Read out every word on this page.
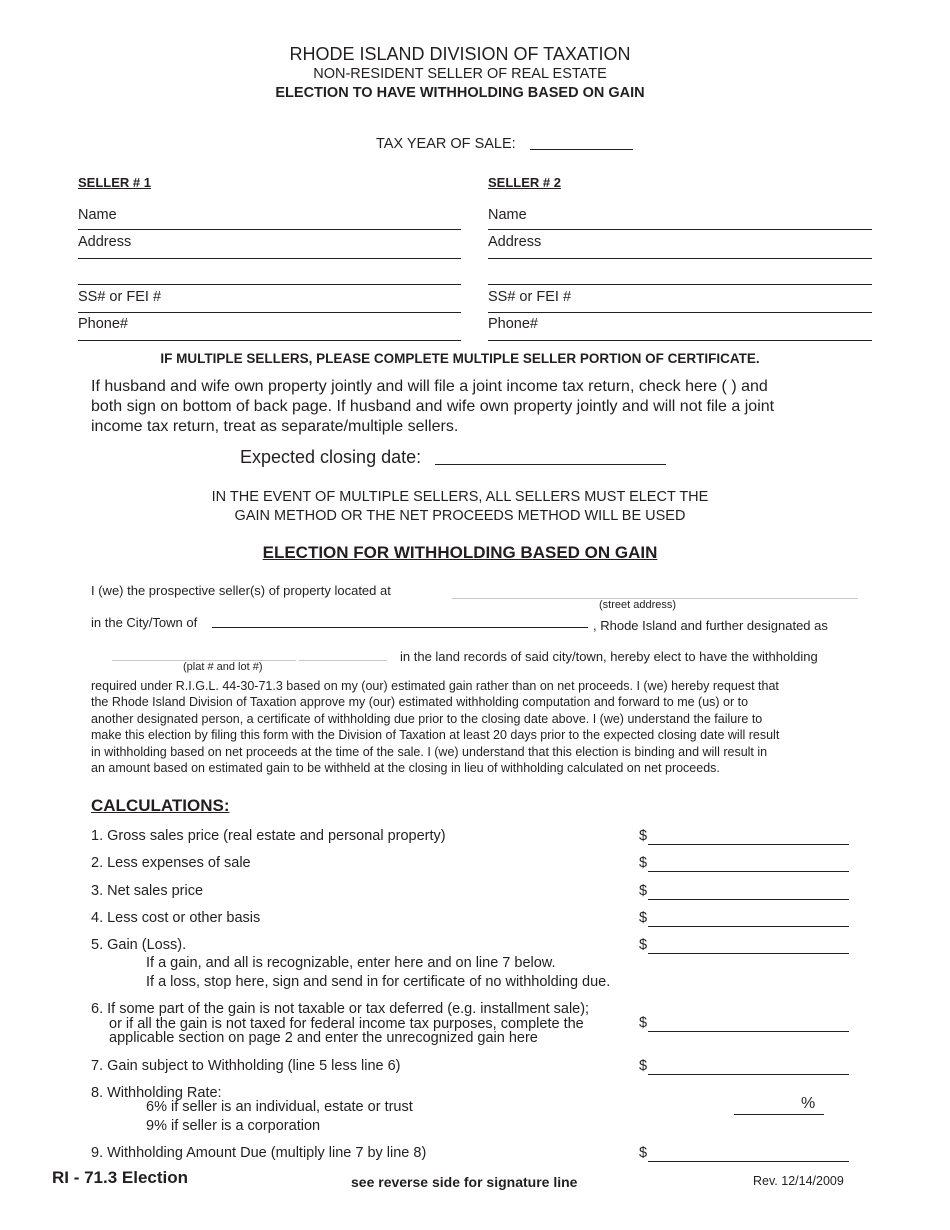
RHODE ISLAND DIVISION OF TAXATION
NON-RESIDENT SELLER OF REAL ESTATE
ELECTION TO HAVE WITHHOLDING BASED ON GAIN
TAX YEAR OF SALE:
SELLER # 1
Name
Address
SS# or FEI #
Phone#
SELLER # 2
Name
Address
SS# or FEI #
Phone#
IF MULTIPLE SELLERS, PLEASE COMPLETE MULTIPLE SELLER PORTION OF CERTIFICATE.
If husband and wife own property jointly and will file a joint income tax return, check here ( ) and
both sign on bottom of back page. If husband and wife own property jointly and will not file a joint
income tax return, treat as separate/multiple sellers.
Expected closing date:
IN THE EVENT OF MULTIPLE SELLERS, ALL SELLERS MUST ELECT THE
GAIN METHOD OR THE NET PROCEEDS METHOD WILL BE USED
ELECTION FOR WITHHOLDING BASED ON GAIN
I (we) the prospective seller(s) of property located at
(street address)
in the City/Town of	, Rhode Island and further designated as
(plat # and lot #)
in the land records of said city/town, hereby elect to have the withholding
required under R.I.G.L. 44-30-71.3 based on my (our) estimated gain rather than on net proceeds. I (we) hereby request that
the Rhode Island Division of Taxation approve my (our) estimated withholding computation and forward to me (us) or to
another designated person, a certificate of withholding due prior to the closing date above. I (we) understand the failure to
make this election by filing this form with the Division of Taxation at least 20 days prior to the expected closing date will result
in withholding based on net proceeds at the time of the sale. I (we) understand that this election is binding and will result in
an amount based on estimated gain to be withheld at the closing in lieu of withholding calculated on net proceeds.
CALCULATIONS:
1. Gross sales price (real estate and personal property)	$
2. Less expenses of sale	$
3. Net sales price	$
4. Less cost or other basis	$
5. Gain (Loss).	$
If a gain, and all is recognizable, enter here and on line 7 below.
If a loss, stop here, sign and send in for certificate of no withholding due.
6. If some part of the gain is not taxable or tax deferred (e.g. installment sale);
or if all the gain is not taxed for federal income tax purposes, complete the
applicable section on page 2 and enter the unrecognized gain here
$
7. Gain subject to Withholding (line 5 less line 6)	$
8. Withholding Rate:
6% if seller is an individual, estate or trust
9% if seller is a corporation
%
9. Withholding Amount Due (multiply line 7 by line 8)	$
RI - 71.3 Election	see reverse side for signature line	Rev. 12/14/2009
